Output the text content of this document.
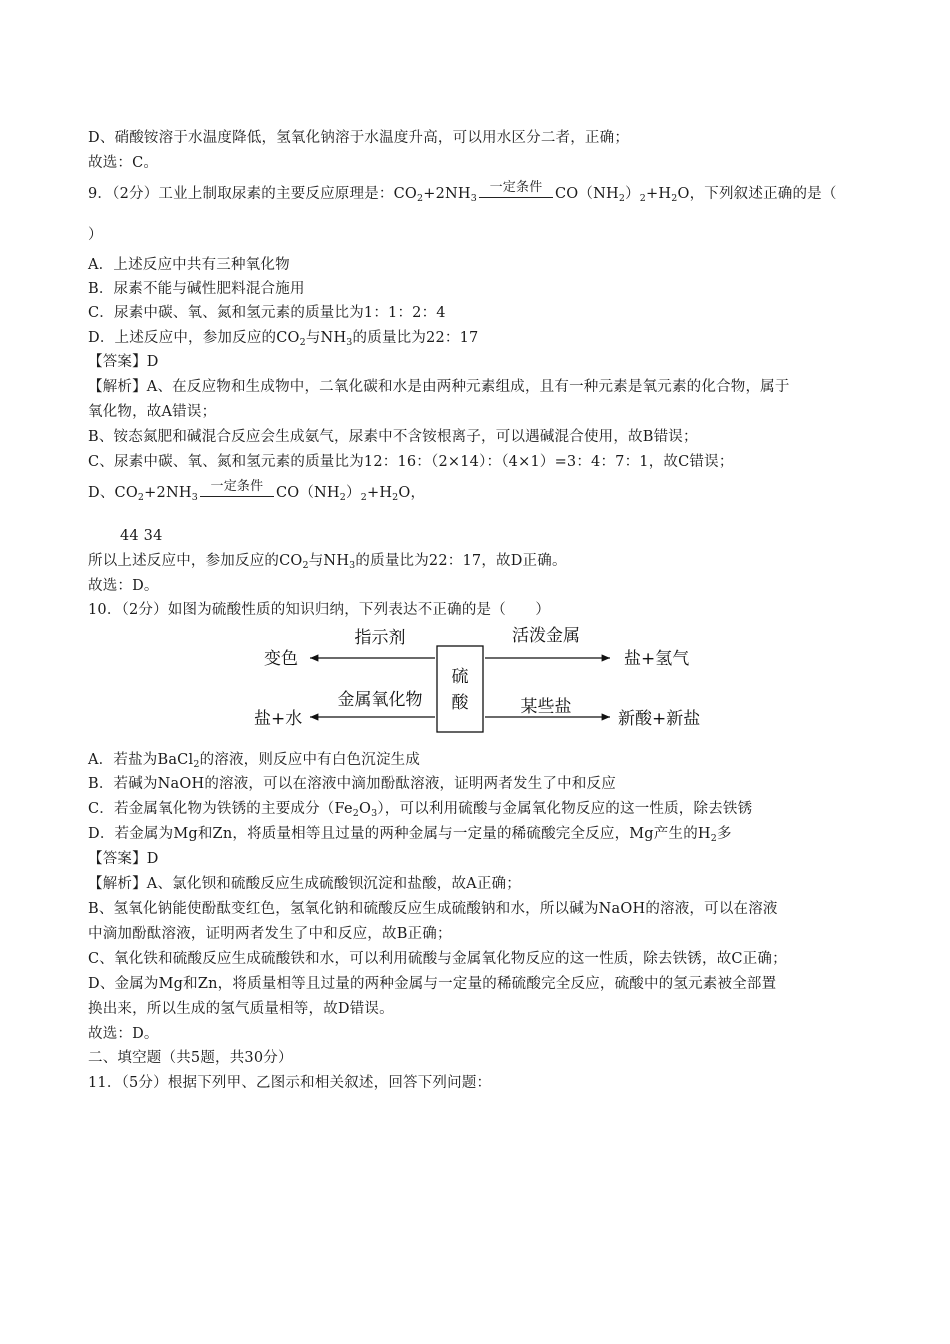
D、硝酸铵溶于水温度降低，氢氧化钠溶于水温度升高，可以用水区分二者，正确；
故选：C。
9．（2分）工业上制取尿素的主要反应原理是：$CO_2+2NH_3$
一定条件 $CO(NH_2)_2+H_2O$，下列叙述正确的是（
）
A．上述反应中共有三种氧化物
B．尿素不能与碱性肥料混合施用
C．尿素中碳、氧、氮和氢元素的质量比为1：1：2：4
D．上述反应中，参加反应的$CO_2$与$NH_3$的质量比为22：17
【答案】D
【解析】A、在反应物和生成物中，二氧化碳和水是由两种元素组成，且有一种元素是氧元素的化合物，属于
氧化物，故A错误；
B、铵态氮肥和碱混合反应会生成氨气，尿素中不含铵根离子，可以遇碱混合使用，故B错误；
C、尿素中碳、氧、氮和氢元素的质量比为12：16：（2×14）：（4×1）=3：4：7：1，故C错误；
D、$CO_2+2NH_3$
一定条件 $CO(NH_2)_2+H_2O$，
44 34
所以上述反应中，参加反应的$CO_2$与$NH_3$的质量比为22：17，故D正确。
故选：D。
10．（2分）如图为硫酸性质的知识归纳，下列表达不正确的是（　　）
硫
酸
指示剂
变色
活泼金属
盐+氢气
金属氧化物
盐+水
某些盐
新酸+新盐
A．若盐为BaCl$_2$的溶液，则反应中有白色沉淀生成
B．若碱为NaOH的溶液，可以在溶液中滴加酚酞溶液，证明两者发生了中和反应
C．若金属氧化物为铁锈的主要成分$(Fe_2O_3)$，可以利用硫酸与金属氧化物反应的这一性质，除去铁锈
D．若金属为Mg和Zn，将质量相等且过量的两种金属与一定量的稀硫酸完全反应，Mg产生的$H_2$多
【答案】D
【解析】A、氯化钡和硫酸反应生成硫酸钡沉淀和盐酸，故A正确；
B、氢氧化钠能使酚酞变红色，氢氧化钠和硫酸反应生成硫酸钠和水，所以碱为NaOH的溶液，可以在溶液
中滴加酚酞溶液，证明两者发生了中和反应，故B正确；
C、氧化铁和硫酸反应生成硫酸铁和水，可以利用硫酸与金属氧化物反应的这一性质，除去铁锈，故C正确；
D、金属为Mg和Zn，将质量相等且过量的两种金属与一定量的稀硫酸完全反应，硫酸中的氢元素被全部置
换出来，所以生成的氢气质量相等，故D错误。
故选：D。
二、填空题（共5题，共30分）
11．（5分）根据下列甲、乙图示和相关叙述，回答下列问题：
